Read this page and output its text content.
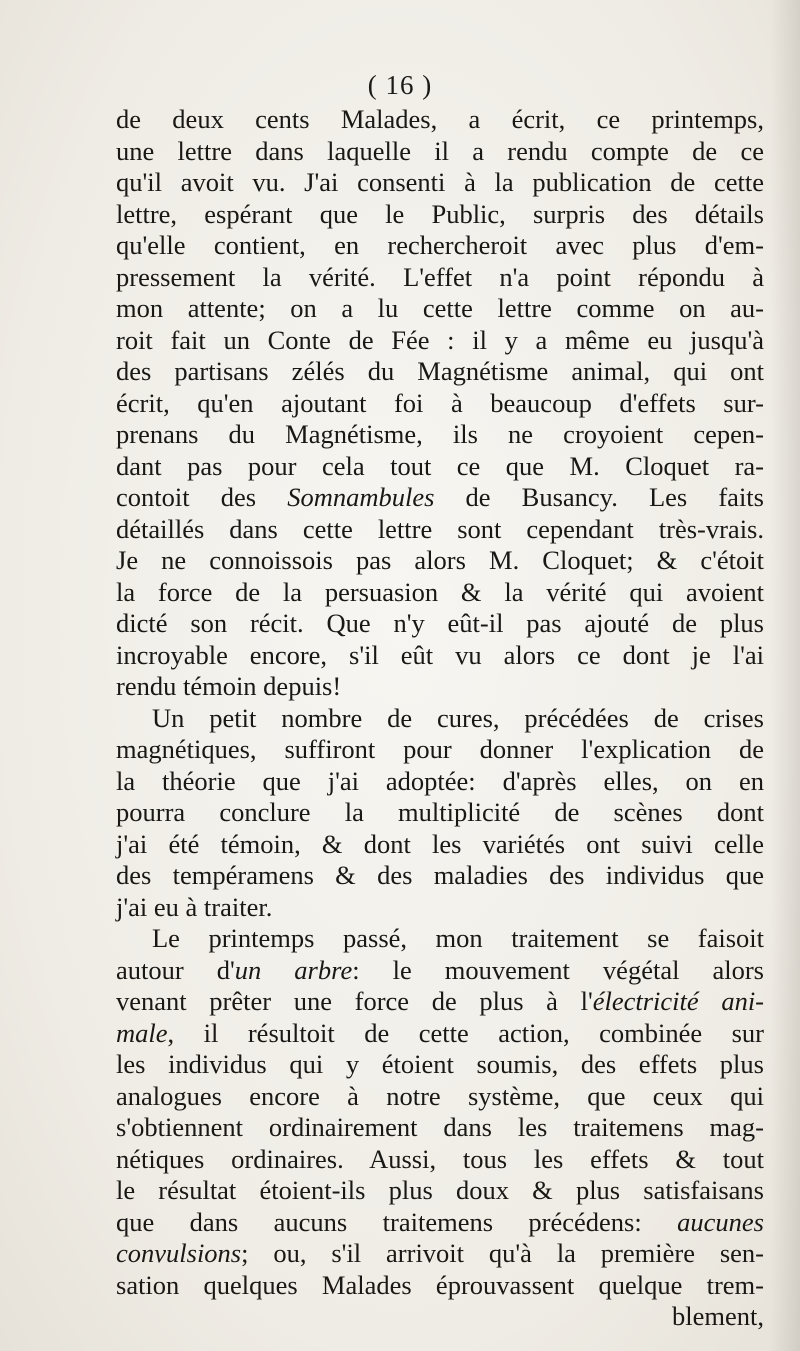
( 16 )
de deux cents Malades, a écrit, ce printemps,
une lettre dans laquelle il a rendu compte de ce
qu'il avoit vu. J'ai consenti à la publication de cette
lettre, espérant que le Public, surpris des détails
qu'elle contient, en rechercheroit avec plus d'em-
pressement la vérité. L'effet n'a point répondu à
mon attente; on a lu cette lettre comme on au-
roit fait un Conte de Fée : il y a même eu jusqu'à
des partisans zélés du Magnétisme animal, qui ont
écrit, qu'en ajoutant foi à beaucoup d'effets sur-
prenans du Magnétisme, ils ne croyoient cepen-
dant pas pour cela tout ce que M. Cloquet ra-
contoit des Somnambules de Busancy. Les faits
détaillés dans cette lettre sont cependant très-vrais.
Je ne connoissois pas alors M. Cloquet; & c'étoit
la force de la persuasion & la vérité qui avoient
dicté son récit. Que n'y eût-il pas ajouté de plus
incroyable encore, s'il eût vu alors ce dont je l'ai
rendu témoin depuis!
Un petit nombre de cures, précédées de crises
magnétiques, suffiront pour donner l'explication de
la théorie que j'ai adoptée: d'après elles, on en
pourra conclure la multiplicité de scènes dont
j'ai été témoin, & dont les variétés ont suivi celle
des tempéramens & des maladies des individus que
j'ai eu à traiter.
Le printemps passé, mon traitement se faisoit
autour d'un arbre: le mouvement végétal alors
venant prêter une force de plus à l'électricité ani-
male, il résultoit de cette action, combinée sur
les individus qui y étoient soumis, des effets plus
analogues encore à notre système, que ceux qui
s'obtiennent ordinairement dans les traitemens mag-
nétiques ordinaires. Aussi, tous les effets & tout
le résultat étoient-ils plus doux & plus satisfaisans
que dans aucuns traitemens précédens: aucunes
convulsions; ou, s'il arrivoit qu'à la première sen-
sation quelques Malades éprouvassent quelque trem-
blement,
